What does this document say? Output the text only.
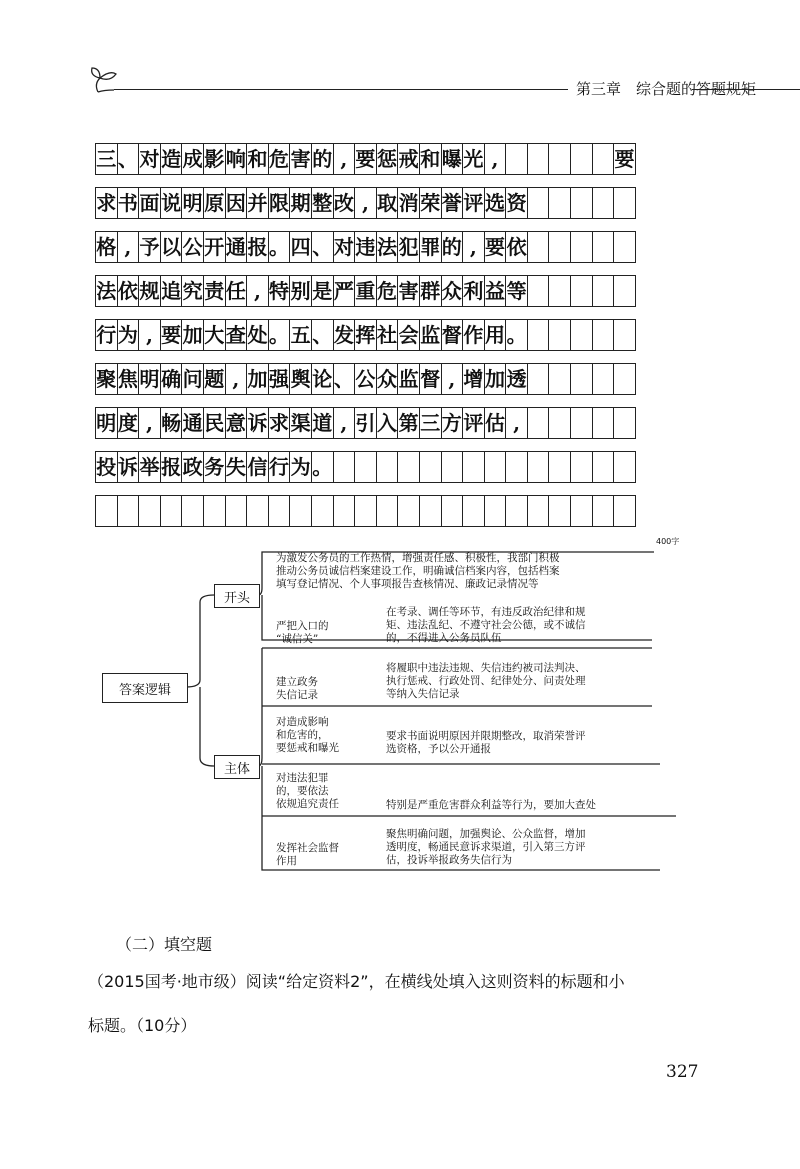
第三章　综合题的答题规矩
三 、 对 造 成 影 响 和 危 害 的 , 要 惩 戒 和 曝 光 ,	要
求 书 面 说 明 原 因 并 限 期 整 改 , 取 消 荣 誉 评 选 资
格 , 予 以 公 开 通 报 。 四 、 对 违 法 犯 罪 的 , 要 依
法 依 规 追 究 责 任 , 特 别 是 严 重 危 害 群 众 利 益 等
行 为 , 要 加 大 查 处 。 五 、 发 挥 社 会 监 督 作 用 。
聚 焦 明 确 问 题 , 加 强 舆 论 、 公 众 监 督 , 增 加 透
明 度 , 畅 通 民 意 诉 求 渠 道 , 引 入 第 三 方 评 估 ,
投 诉 举 报 政 务 失 信 行 为 。
400字
答案逻辑
开头
主体
为激发公务员的工作热情，增强责任感、积极性，我部门积极
推动公务员诚信档案建设工作，明确诚信档案内容，包括档案
填写登记情况、个人事项报告查核情况、廉政记录情况等
严把入口的
“诚信关”
在考录、调任等环节，有违反政治纪律和规
矩、违法乱纪、不遵守社会公德，或不诚信
的，不得进入公务员队伍
建立政务
失信记录
将履职中违法违规、失信违约被司法判决、
执行惩戒、行政处罚、纪律处分、问责处理
等纳入失信记录
对造成影响
和危害的，
要惩戒和曝光
要求书面说明原因并限期整改，取消荣誉评
选资格，予以公开通报
对违法犯罪
的，要依法
依规追究责任	特别是严重危害群众利益等行为，要加大查处
发挥社会监督
作用
聚焦明确问题，加强舆论、公众监督，增加
透明度，畅通民意诉求渠道，引入第三方评
估，投诉举报政务失信行为
（二）填空题
（2015国考·地市级）阅读“给定资料2”，在横线处填入这则资料的标题和小
标题。（10分）
327
